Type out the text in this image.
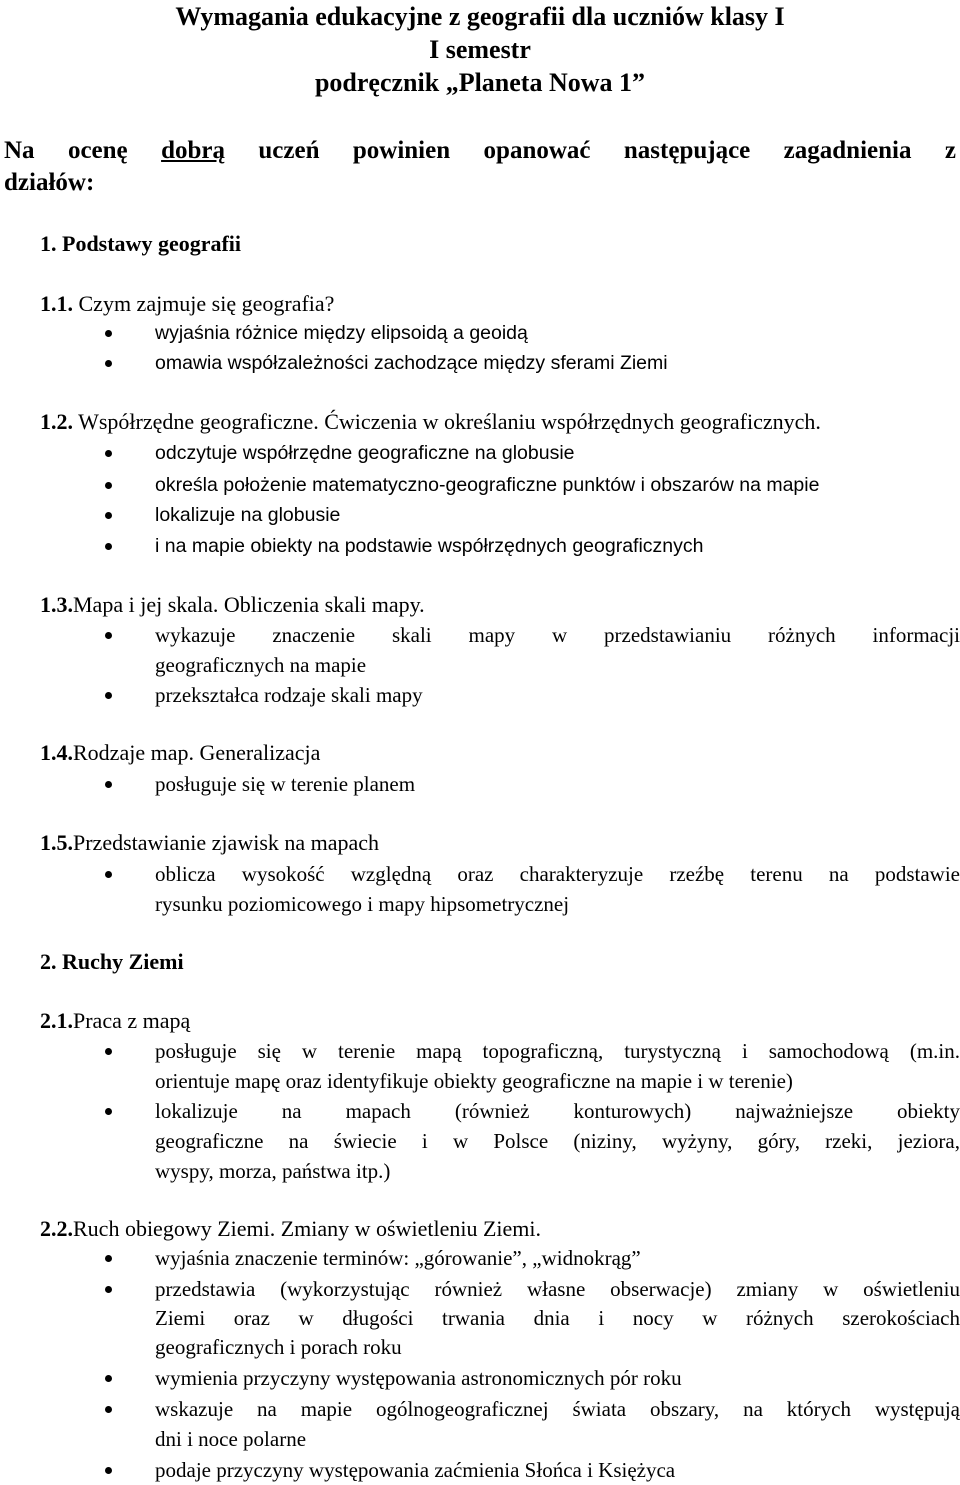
Wymagania edukacyjne z geografii dla uczniów klasy I
I semestr
podręcznik „Planeta Nowa 1”
Na ocenę dobrą uczeń powinien opanować następujące zagadnienia z
działów:
1. Podstawy geografii
1.1. Czym zajmuje się geografia?
wyjaśnia różnice między elipsoidą a geoidą
omawia współzależności zachodzące między sferami Ziemi
1.2. Współrzędne geograficzne. Ćwiczenia w określaniu współrzędnych geograficznych.
odczytuje współrzędne geograficzne na globusie
określa położenie matematyczno-geograficzne punktów i obszarów na mapie
lokalizuje na globusie
i na mapie obiekty na podstawie współrzędnych geograficznych
1.3.Mapa i jej skala. Obliczenia skali mapy.
wykazuje znaczenie skali mapy w przedstawianiu różnych informacji
geograficznych na mapie
przekształca rodzaje skali mapy
1.4.Rodzaje map. Generalizacja
posługuje się w terenie planem
1.5.Przedstawianie zjawisk na mapach
oblicza wysokość względną oraz charakteryzuje rzeźbę terenu na podstawie
rysunku poziomicowego i mapy hipsometrycznej
2. Ruchy Ziemi
2.1.Praca z mapą
posługuje się w terenie mapą topograficzną, turystyczną i samochodową (m.in.
orientuje mapę oraz identyfikuje obiekty geograficzne na mapie i w terenie)
lokalizuje na mapach (również konturowych) najważniejsze obiekty
geograficzne na świecie i w Polsce (niziny, wyżyny, góry, rzeki, jeziora,
wyspy, morza, państwa itp.)
2.2.Ruch obiegowy Ziemi. Zmiany w oświetleniu Ziemi.
wyjaśnia znaczenie terminów: „górowanie”, „widnokrąg”
przedstawia (wykorzystując również własne obserwacje) zmiany w oświetleniu
Ziemi oraz w długości trwania dnia i nocy w różnych szerokościach
geograficznych i porach roku
wymienia przyczyny występowania astronomicznych pór roku
wskazuje na mapie ogólnogeograficznej świata obszary, na których występują
dni i noce polarne
podaje przyczyny występowania zaćmienia Słońca i Księżyca
